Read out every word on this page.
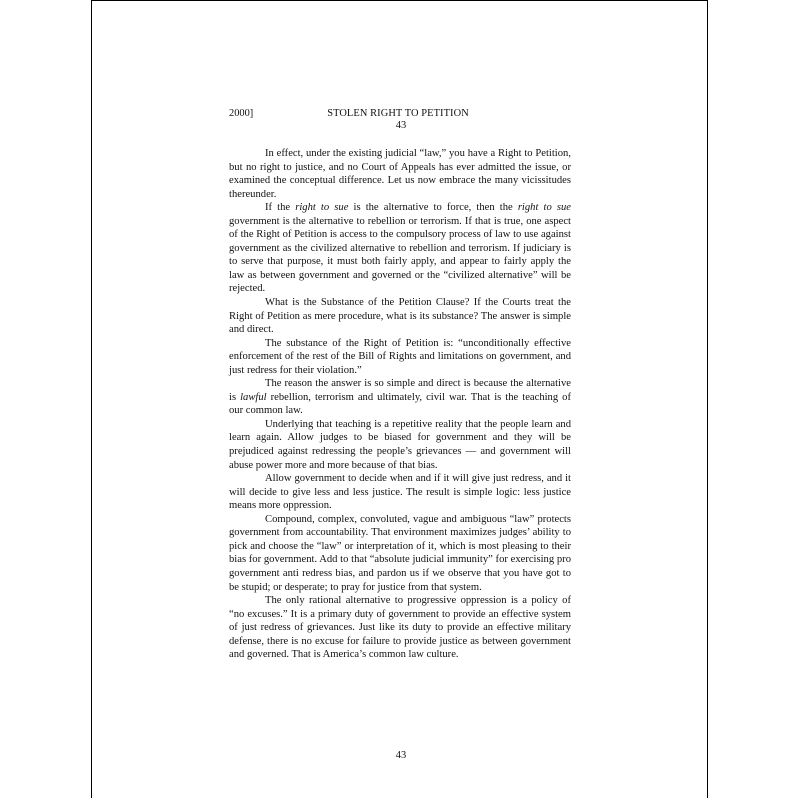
2000]	STOLEN RIGHT TO PETITION
43

In effect, under the existing judicial “law,” you have a Right to Petition, but no right to justice, and no Court of Appeals has ever admitted the issue, or examined the conceptual difference. Let us now embrace the many vicissitudes thereunder.

If the right to sue is the alternative to force, then the right to sue government is the alternative to rebellion or terrorism. If that is true, one aspect of the Right of Petition is access to the compulsory process of law to use against government as the civilized alternative to rebellion and terrorism. If judiciary is to serve that purpose, it must both fairly apply, and appear to fairly apply the law as between government and governed or the “civilized alternative” will be rejected.

What is the Substance of the Petition Clause? If the Courts treat the Right of Petition as mere procedure, what is its substance? The answer is simple and direct.

The substance of the Right of Petition is: “unconditionally effective enforcement of the rest of the Bill of Rights and limitations on government, and just redress for their violation.”

The reason the answer is so simple and direct is because the alternative is lawful rebellion, terrorism and ultimately, civil war. That is the teaching of our common law.

Underlying that teaching is a repetitive reality that the people learn and learn again. Allow judges to be biased for government and they will be prejudiced against redressing the people’s grievances — and government will abuse power more and more because of that bias.

Allow government to decide when and if it will give just redress, and it will decide to give less and less justice. The result is simple logic: less justice means more oppression.

Compound, complex, convoluted, vague and ambiguous “law” protects government from accountability. That environment maximizes judges’ ability to pick and choose the “law” or interpretation of it, which is most pleasing to their bias for government. Add to that “absolute judicial immunity” for exercising pro government anti redress bias, and pardon us if we observe that you have got to be stupid; or desperate; to pray for justice from that system.

The only rational alternative to progressive oppression is a policy of “no excuses.” It is a primary duty of government to provide an effective system of just redress of grievances. Just like its duty to provide an effective military defense, there is no excuse for failure to provide justice as between government and governed. That is America’s common law culture.

43
